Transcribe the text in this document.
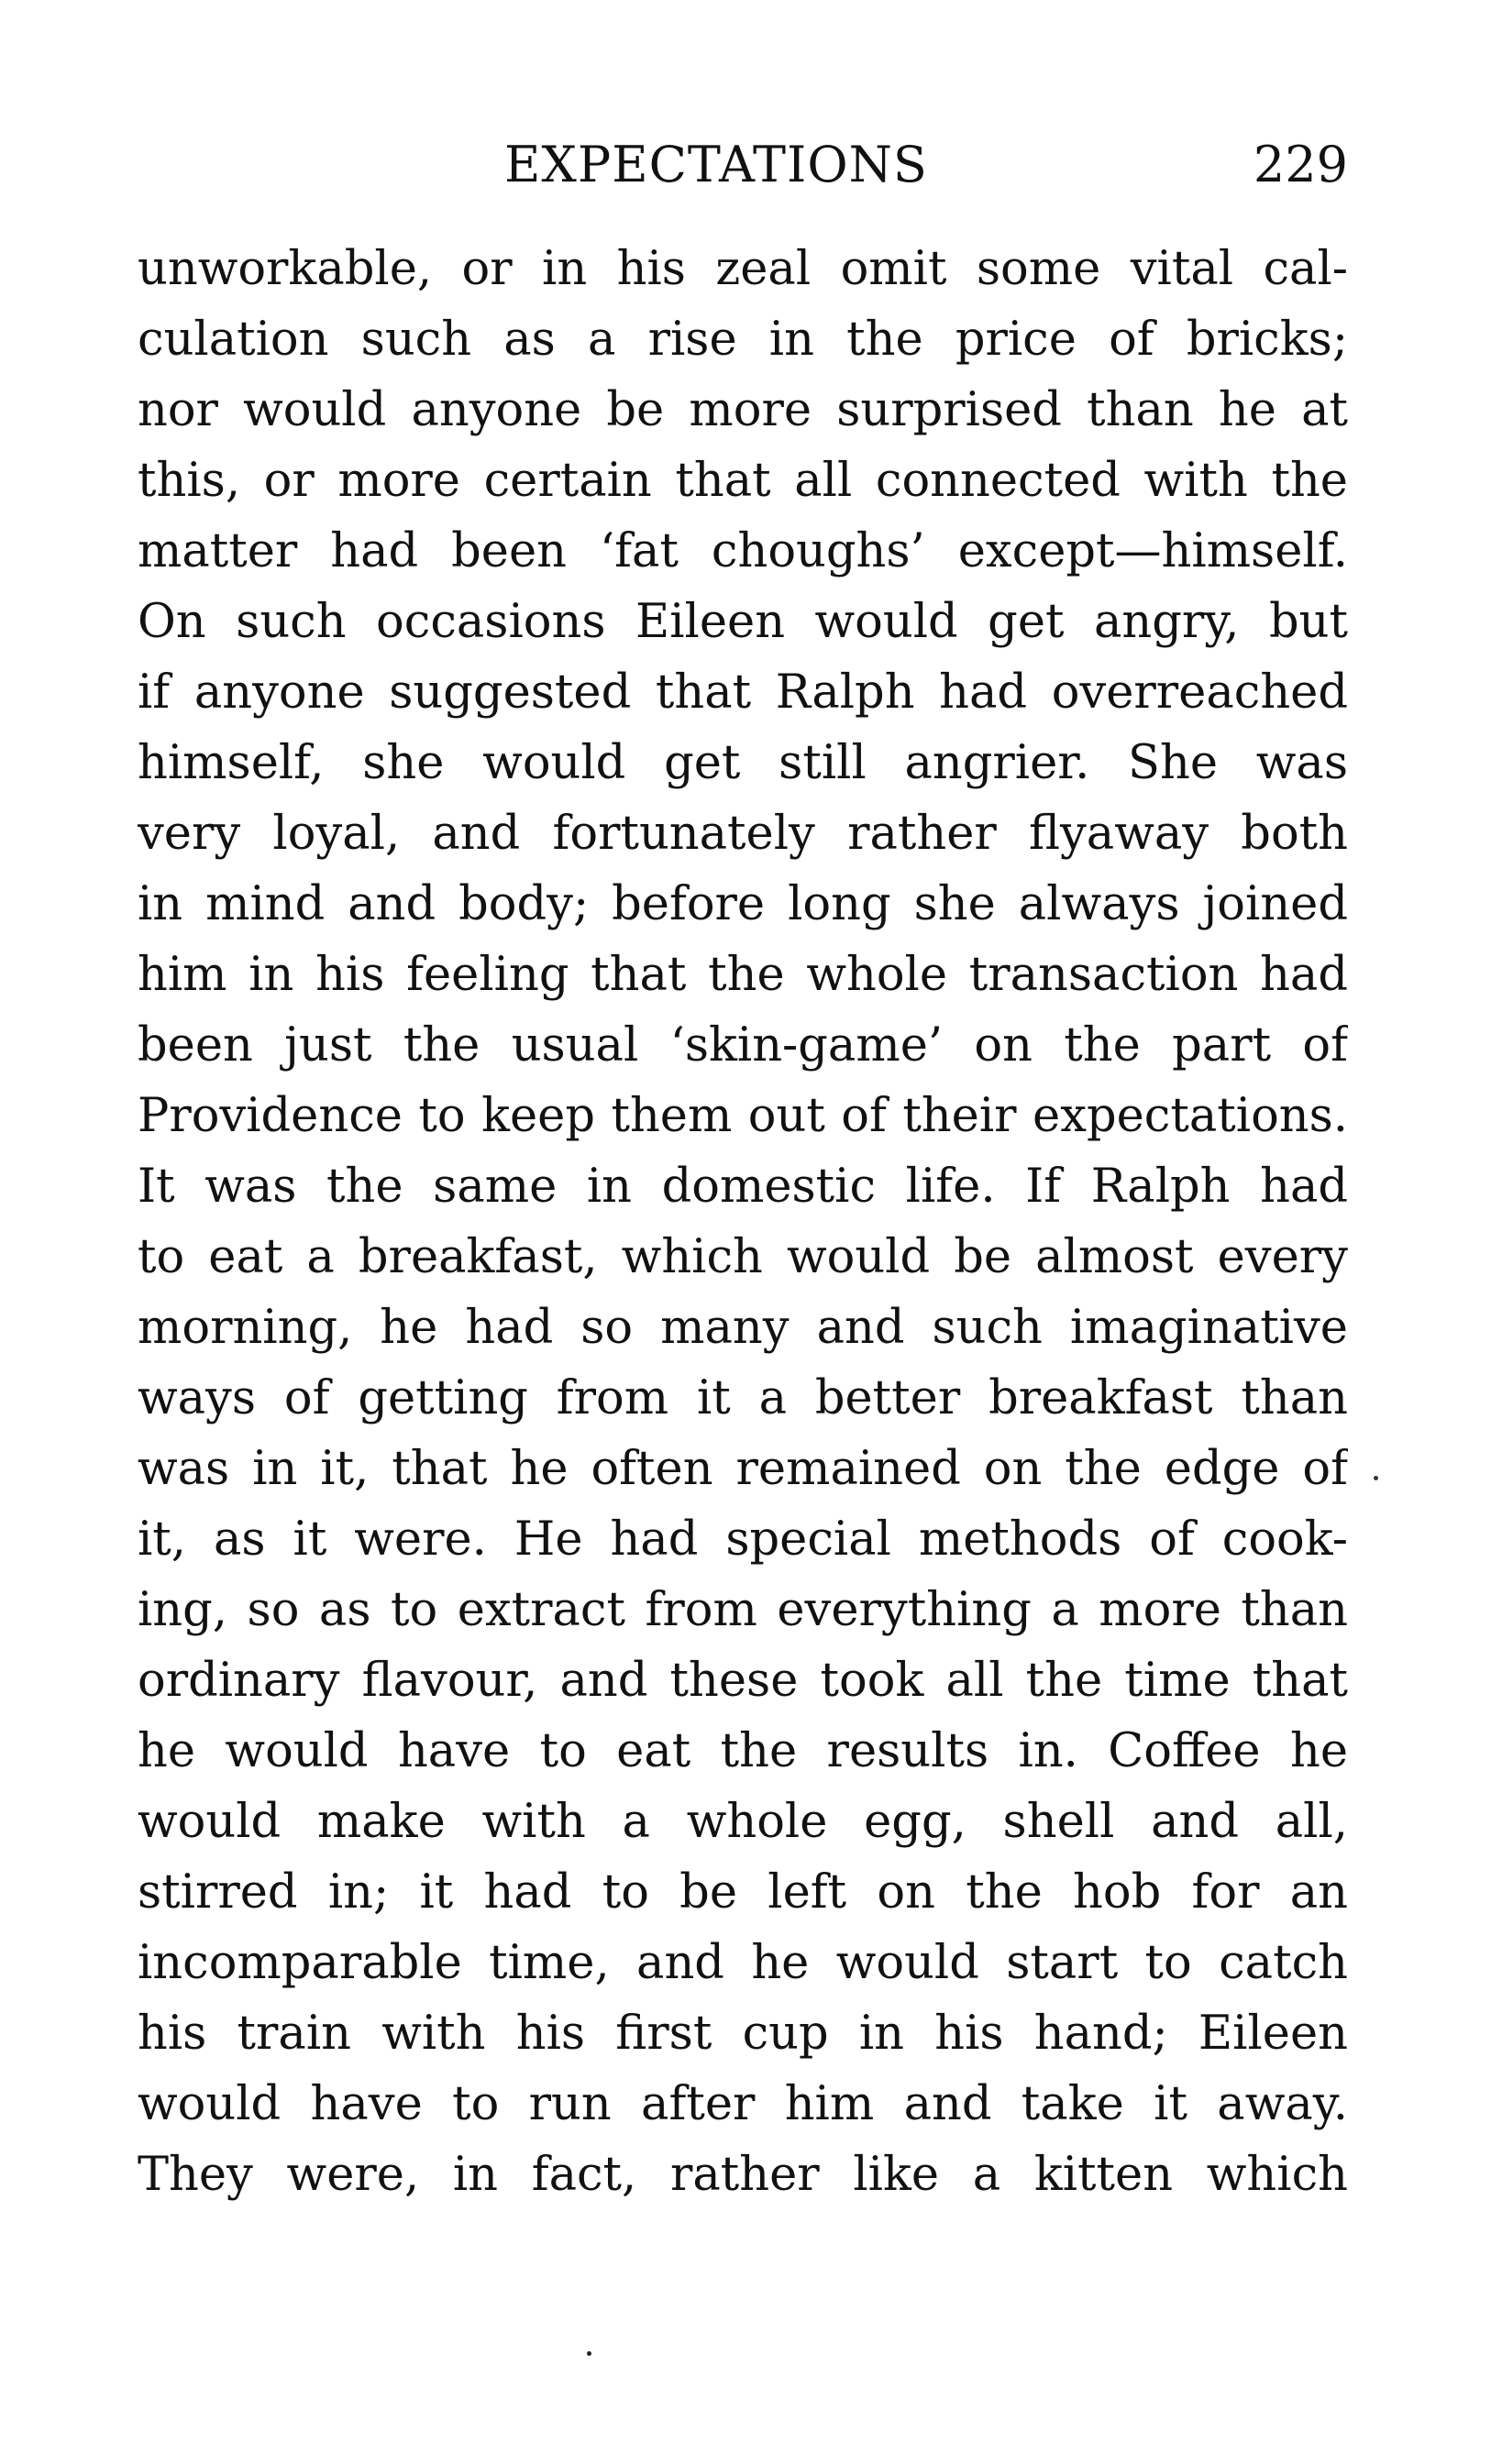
EXPECTATIONS	229
unworkable, or in his zeal omit some vital cal-
culation such as a rise in the price of bricks;
nor would anyone be more surprised than he at
this, or more certain that all connected with the
matter had been ‘fat choughs’ except—himself.
On such occasions Eileen would get angry, but
if anyone suggested that Ralph had overreached
himself, she would get still angrier. She was
very loyal, and fortunately rather flyaway both
in mind and body; before long she always joined
him in his feeling that the whole transaction had
been just the usual ‘skin-game’ on the part of
Providence to keep them out of their expectations.
It was the same in domestic life. If Ralph had
to eat a breakfast, which would be almost every
morning, he had so many and such imaginative
ways of getting from it a better breakfast than
was in it, that he often remained on the edge of
it, as it were. He had special methods of cook-
ing, so as to extract from everything a more than
ordinary flavour, and these took all the time that
he would have to eat the results in. Coffee he
would make with a whole egg, shell and all,
stirred in; it had to be left on the hob for an
incomparable time, and he would start to catch
his train with his first cup in his hand; Eileen
would have to run after him and take it away.
They were, in fact, rather like a kitten which
